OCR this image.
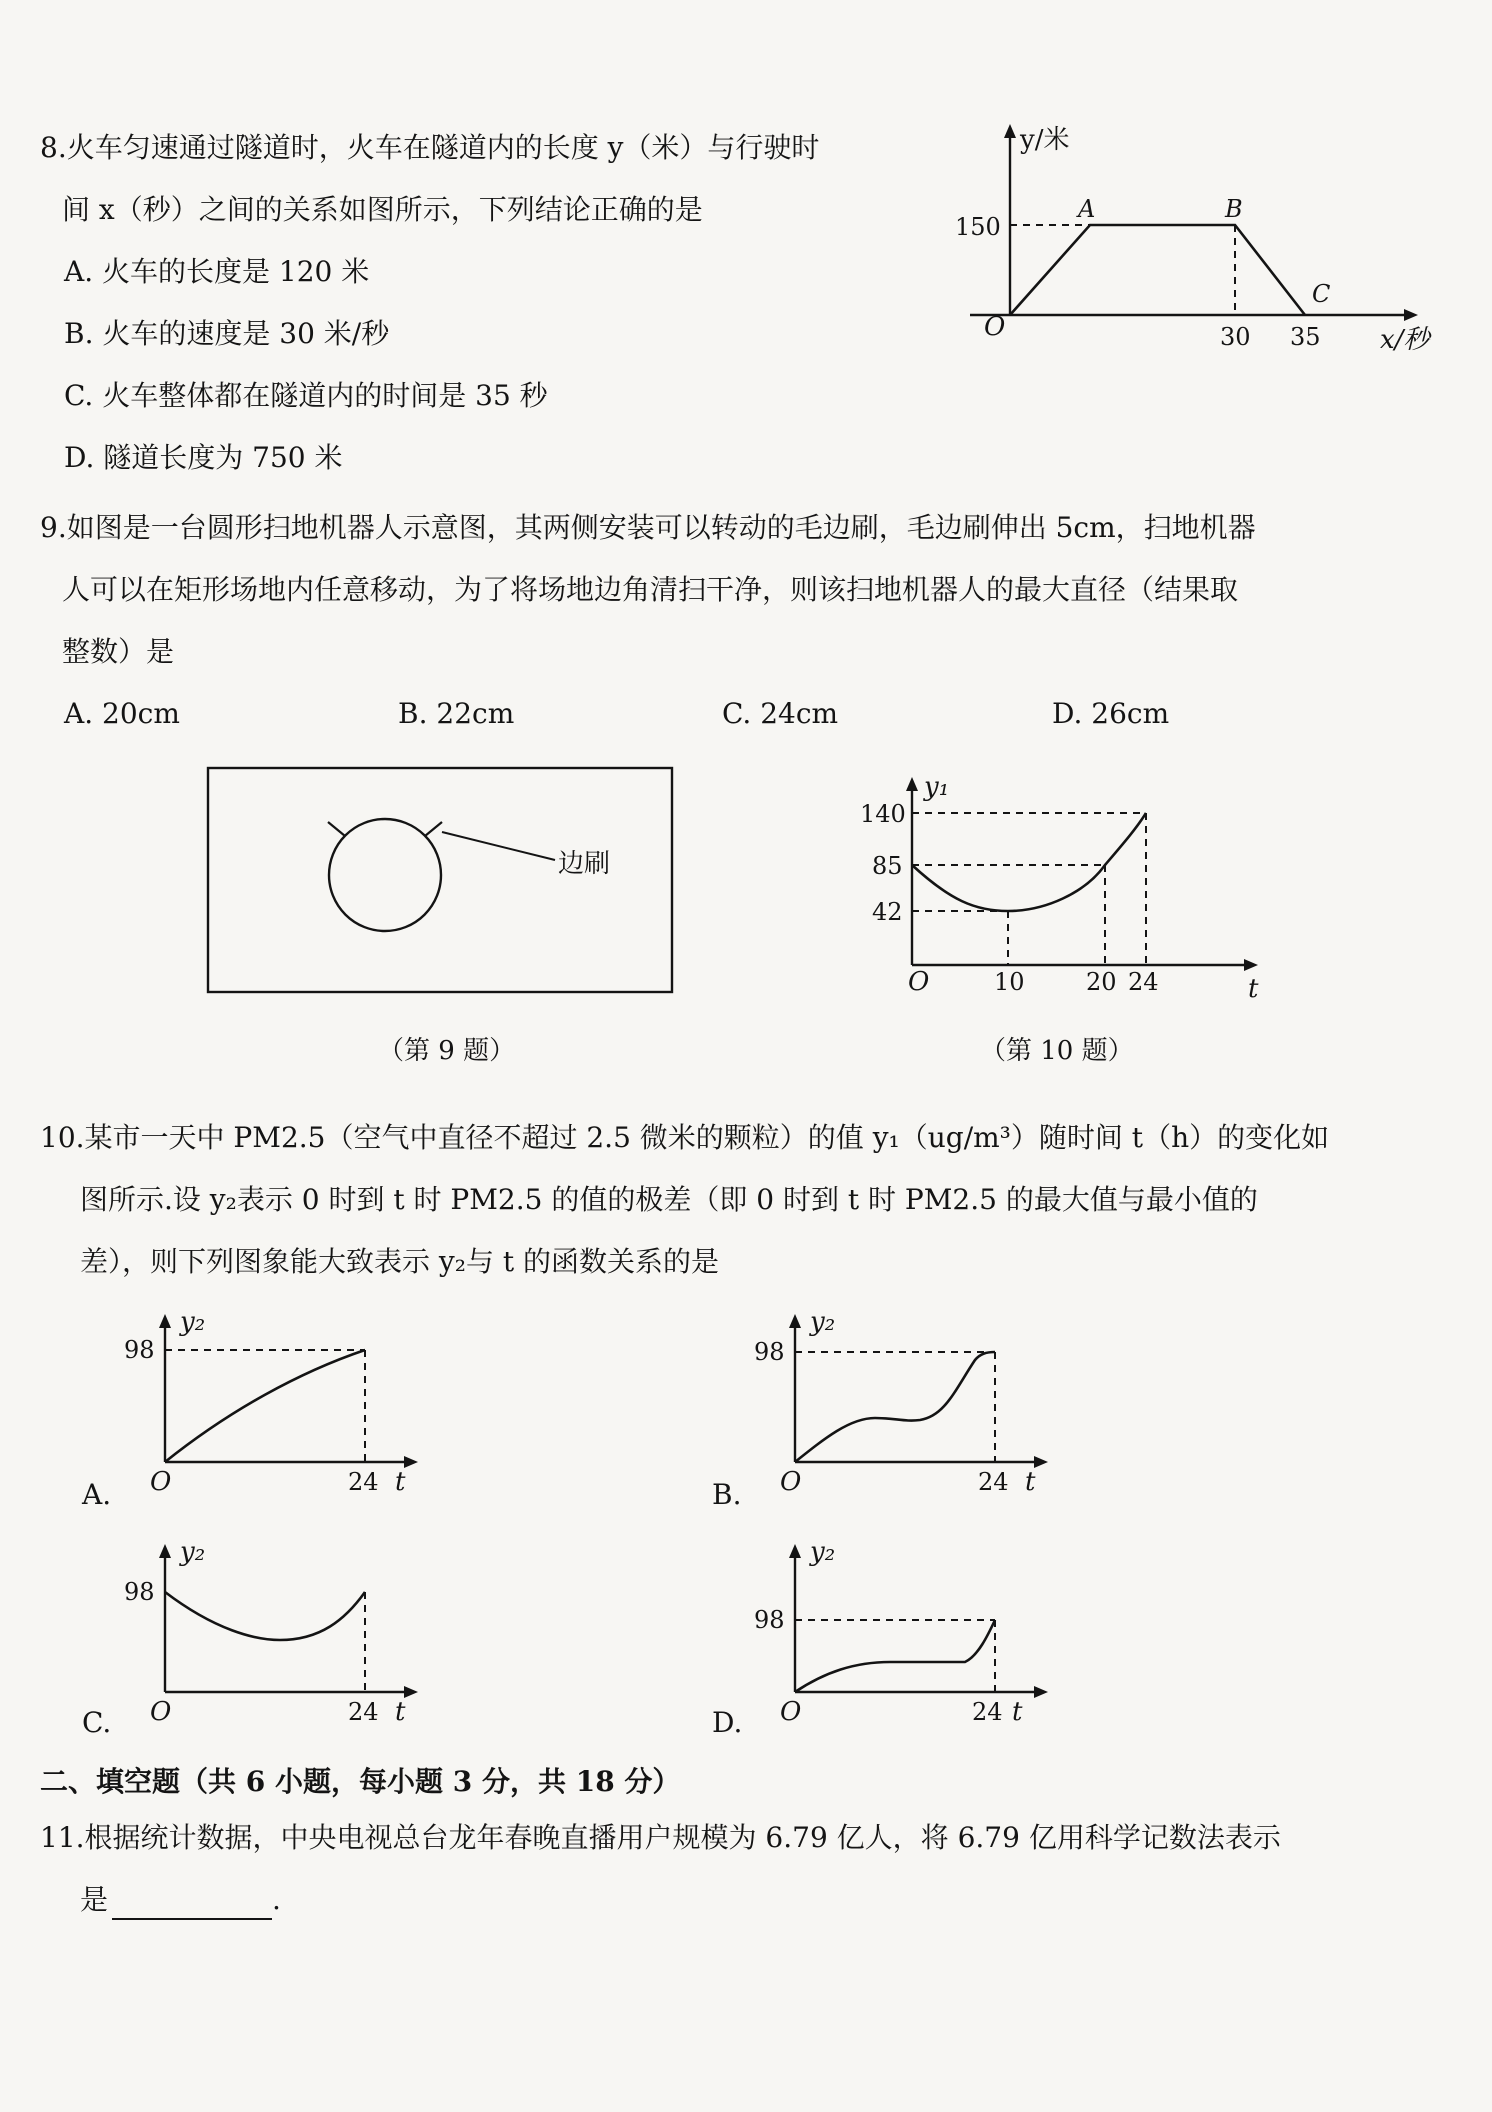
8.火车匀速通过隧道时，火车在隧道内的长度 y（米）与行驶时
间 x（秒）之间的关系如图所示，下列结论正确的是
A. 火车的长度是 120 米
B. 火车的速度是 30 米/秒
C. 火车整体都在隧道内的时间是 35 秒
D. 隧道长度为 750 米
y/米
x/秒
150
O	30 35
A	B
C
9.如图是一台圆形扫地机器人示意图，其两侧安装可以转动的毛边刷，毛边刷伸出 5cm，扫地机器
人可以在矩形场地内任意移动，为了将场地边角清扫干净，则该扫地机器人的最大直径（结果取
整数）是
A. 20cm	B. 22cm	C. 24cm	D. 26cm
边刷
（第 9 题）
y₁
t
140
85
42
O	10	20 24
（第 10 题）
10.某市一天中 PM2.5（空气中直径不超过 2.5 微米的颗粒）的值 y₁（ug/m³）随时间 t（h）的变化如
图所示.设 y₂表示 0 时到 t 时 PM2.5 的值的极差（即 0 时到 t 时 PM2.5 的最大值与最小值的
差），则下列图象能大致表示 y₂与 t 的函数关系的是
A.
y₂
98
O	24 t	B.
y₂
98
O	24 t
C.
y₂
98
O	24 t	D.
y₂
98
O	24 t
二、填空题（共 6 小题，每小题 3 分，共 18 分）
11.根据统计数据，中央电视总台龙年春晚直播用户规模为 6.79 亿人，将 6.79 亿用科学记数法表示
是	.
